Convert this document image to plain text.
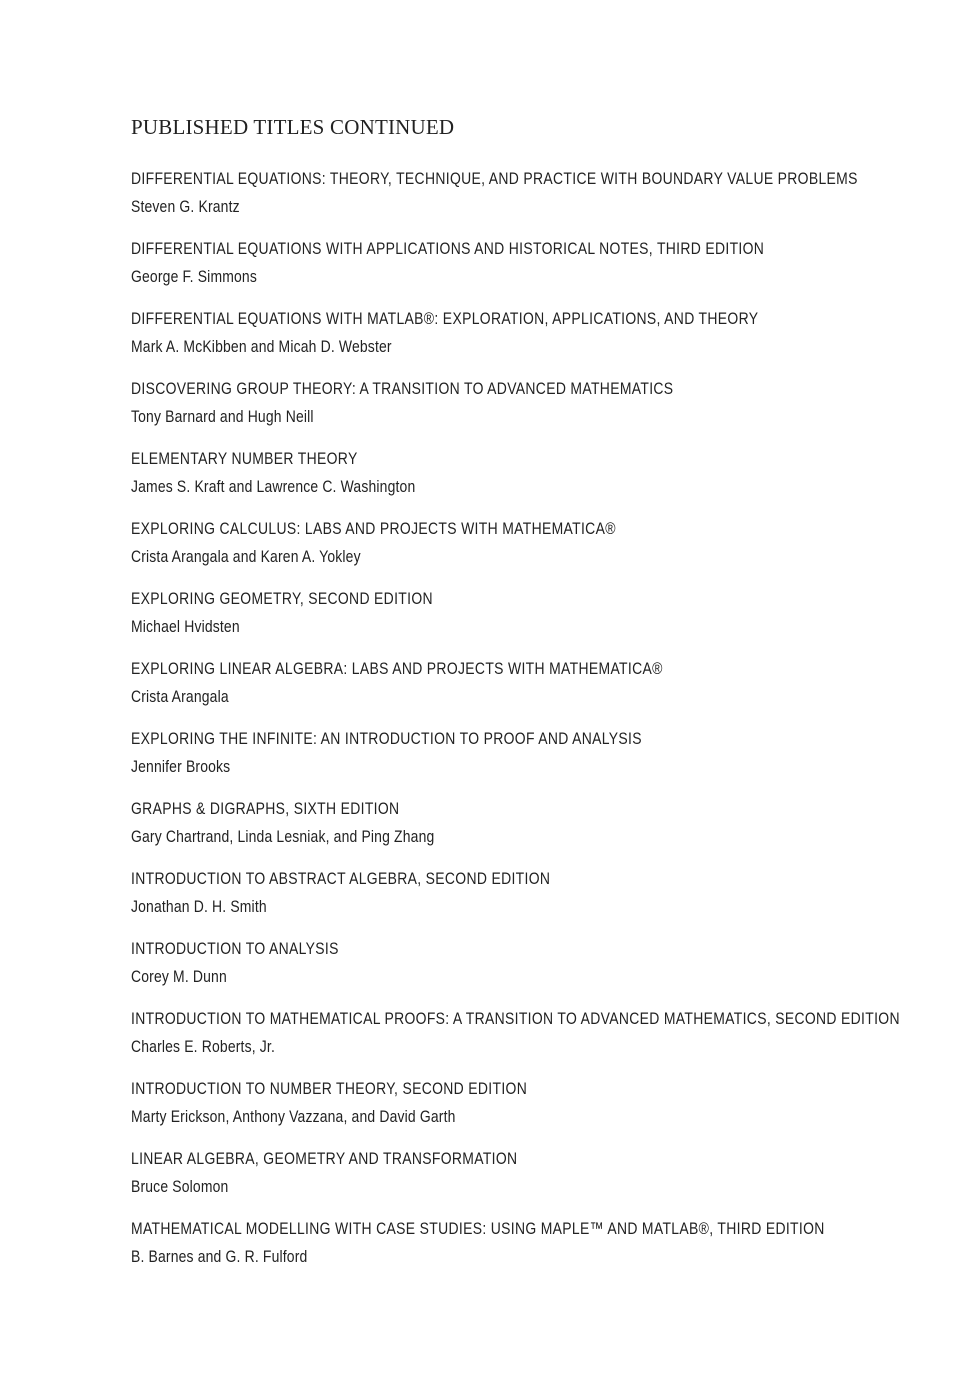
PUBLISHED TITLES CONTINUED
DIFFERENTIAL EQUATIONS: THEORY, TECHNIQUE, AND PRACTICE WITH BOUNDARY VALUE PROBLEMS
Steven G. Krantz
DIFFERENTIAL EQUATIONS WITH APPLICATIONS AND HISTORICAL NOTES, THIRD EDITION
George F. Simmons
DIFFERENTIAL EQUATIONS WITH MATLAB®: EXPLORATION, APPLICATIONS, AND THEORY
Mark A. McKibben and Micah D. Webster
DISCOVERING GROUP THEORY: A TRANSITION TO ADVANCED MATHEMATICS
Tony Barnard and Hugh Neill
ELEMENTARY NUMBER THEORY
James S. Kraft and Lawrence C. Washington
EXPLORING CALCULUS: LABS AND PROJECTS WITH MATHEMATICA®
Crista Arangala and Karen A. Yokley
EXPLORING GEOMETRY, SECOND EDITION
Michael Hvidsten
EXPLORING LINEAR ALGEBRA: LABS AND PROJECTS WITH MATHEMATICA®
Crista Arangala
EXPLORING THE INFINITE: AN INTRODUCTION TO PROOF AND ANALYSIS
Jennifer Brooks
GRAPHS & DIGRAPHS, SIXTH EDITION
Gary Chartrand, Linda Lesniak, and Ping Zhang
INTRODUCTION TO ABSTRACT ALGEBRA, SECOND EDITION
Jonathan D. H. Smith
INTRODUCTION TO ANALYSIS
Corey M. Dunn
INTRODUCTION TO MATHEMATICAL PROOFS: A TRANSITION TO ADVANCED MATHEMATICS, SECOND EDITION
Charles E. Roberts, Jr.
INTRODUCTION TO NUMBER THEORY, SECOND EDITION
Marty Erickson, Anthony Vazzana, and David Garth
LINEAR ALGEBRA, GEOMETRY AND TRANSFORMATION
Bruce Solomon
MATHEMATICAL MODELLING WITH CASE STUDIES: USING MAPLE™ AND MATLAB®, THIRD EDITION
B. Barnes and G. R. Fulford
